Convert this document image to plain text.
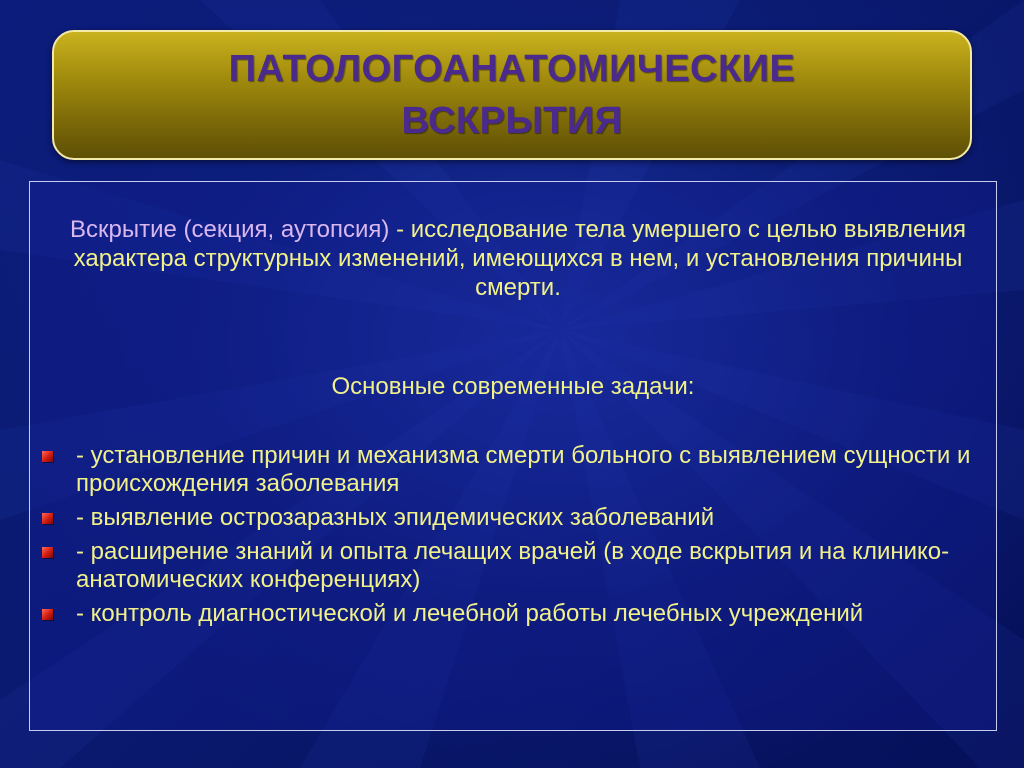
ПАТОЛОГОАНАТОМИЧЕСКИЕ
ВСКРЫТИЯ
Вскрытие (секция, аутопсия) - исследование тела умершего с целью выявления характера структурных изменений, имеющихся в нем, и установления причины смерти.
Основные современные задачи:
- установление причин и механизма смерти больного с выявлением сущности и происхождения заболевания
- выявление острозаразных эпидемических заболеваний
- расширение знаний и опыта лечащих врачей (в ходе вскрытия и на клинико-анатомических конференциях)
- контроль диагностической и лечебной работы лечебных учреждений
